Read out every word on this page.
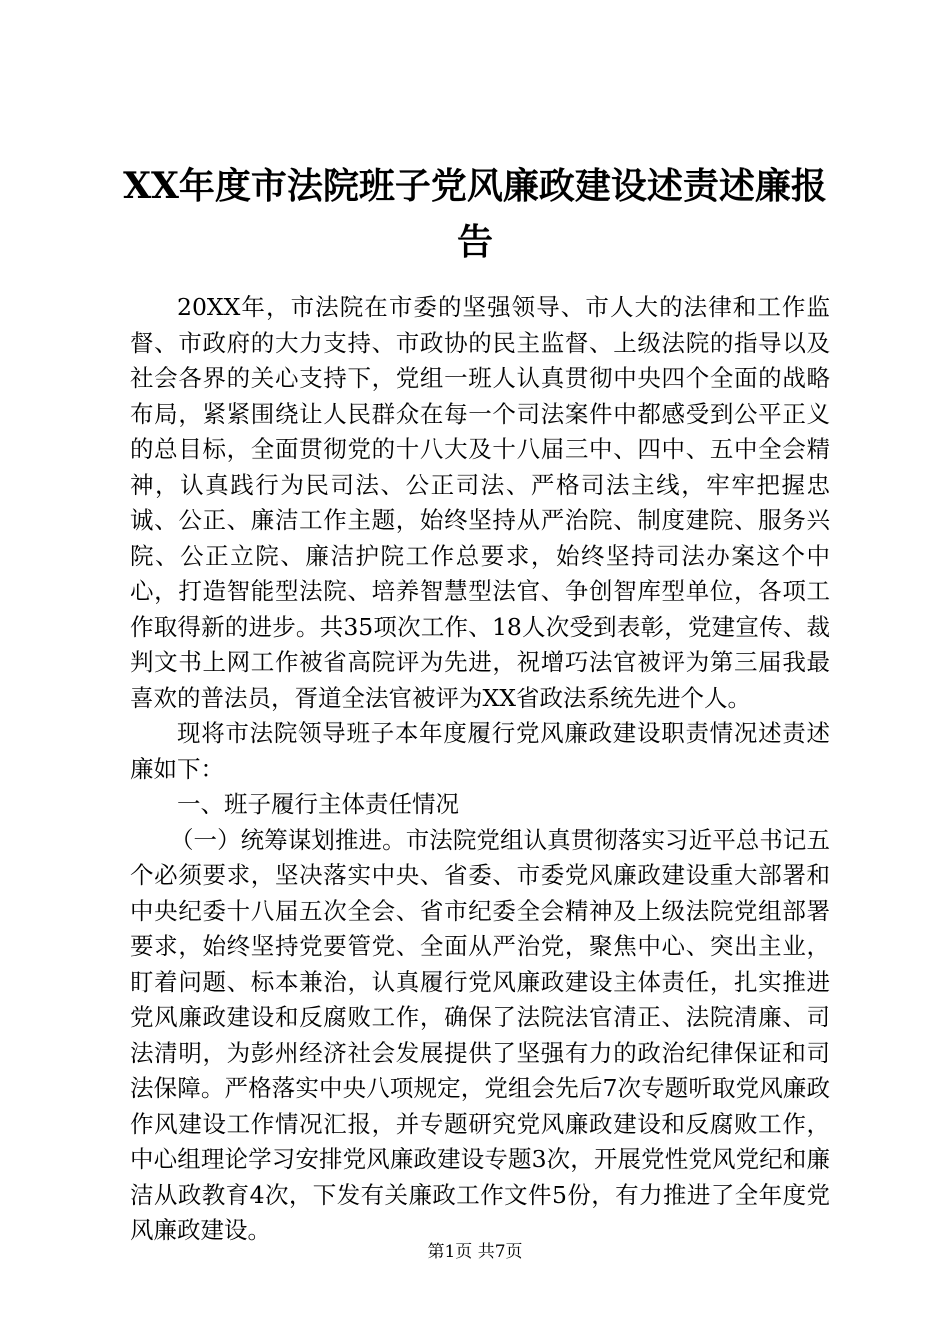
XX年度市法院班子党风廉政建设述责述廉报
告

20XX年，市法院在市委的坚强领导、市人大的法律和工作监督、市政府的大力支持、市政协的民主监督、上级法院的指导以及社会各界的关心支持下，党组一班人认真贯彻中央四个全面的战略布局，紧紧围绕让人民群众在每一个司法案件中都感受到公平正义的总目标，全面贯彻党的十八大及十八届三中、四中、五中全会精神，认真践行为民司法、公正司法、严格司法主线，牢牢把握忠诚、公正、廉洁工作主题，始终坚持从严治院、制度建院、服务兴院、公正立院、廉洁护院工作总要求，始终坚持司法办案这个中心，打造智能型法院、培养智慧型法官、争创智库型单位，各项工作取得新的进步。共35项次工作、18人次受到表彰，党建宣传、裁判文书上网工作被省高院评为先进，祝增巧法官被评为第三届我最喜欢的普法员，胥道全法官被评为XX省政法系统先进个人。

现将市法院领导班子本年度履行党风廉政建设职责情况述责述廉如下：

一、班子履行主体责任情况

（一）统筹谋划推进。市法院党组认真贯彻落实习近平总书记五个必须要求，坚决落实中央、省委、市委党风廉政建设重大部署和中央纪委十八届五次全会、省市纪委全会精神及上级法院党组部署要求，始终坚持党要管党、全面从严治党，聚焦中心、突出主业，盯着问题、标本兼治，认真履行党风廉政建设主体责任，扎实推进党风廉政建设和反腐败工作，确保了法院法官清正、法院清廉、司法清明，为彭州经济社会发展提供了坚强有力的政治纪律保证和司法保障。严格落实中央八项规定，党组会先后7次专题听取党风廉政作风建设工作情况汇报，并专题研究党风廉政建设和反腐败工作，中心组理论学习安排党风廉政建设专题3次，开展党性党风党纪和廉洁从政教育4次，下发有关廉政工作文件5份，有力推进了全年度党风廉政建设。

第1页 共7页
